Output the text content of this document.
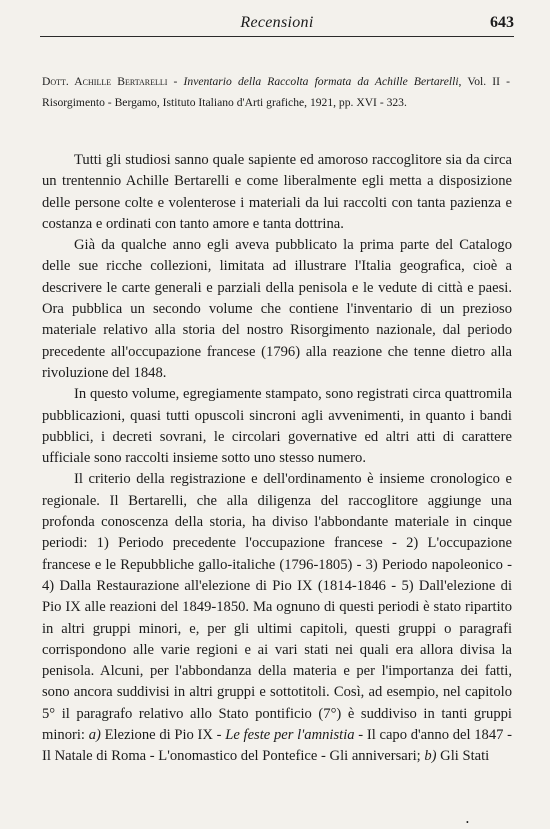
Recensioni	643
Dott. Achille Bertarelli - Inventario della Raccolta formata da Achille Bertarelli, Vol. II - Risorgimento - Bergamo, Istituto Italiano d'Arti grafiche, 1921, pp. XVI - 323.

Tutti gli studiosi sanno quale sapiente ed amoroso raccoglitore sia da circa un trentennio Achille Bertarelli e come liberalmente egli metta a disposizione delle persone colte e volenterose i materiali da lui raccolti con tanta pazienza e costanza e ordinati con tanto amore e tanta dottrina.

Già da qualche anno egli aveva pubblicato la prima parte del Catalogo delle sue ricche collezioni, limitata ad illustrare l'Italia geografica, cioè a descrivere le carte generali e parziali della penisola e le vedute di città e paesi. Ora pubblica un secondo volume che contiene l'inventario di un prezioso materiale relativo alla storia del nostro Risorgimento nazionale, dal periodo precedente all'occupazione francese (1796) alla reazione che tenne dietro alla rivoluzione del 1848.

In questo volume, egregiamente stampato, sono registrati circa quattromila pubblicazioni, quasi tutti opuscoli sincroni agli avvenimenti, in quanto i bandi pubblici, i decreti sovrani, le circolari governative ed altri atti di carattere ufficiale sono raccolti insieme sotto uno stesso numero.

Il criterio della registrazione e dell'ordinamento è insieme cronologico e regionale. Il Bertarelli, che alla diligenza del raccoglitore aggiunge una profonda conoscenza della storia, ha diviso l'abbondante materiale in cinque periodi: 1) Periodo precedente l'occupazione francese - 2) L'occupazione francese e le Repubbliche gallo-italiche (1796-1805) - 3) Periodo napoleonico - 4) Dalla Restaurazione all'elezione di Pio IX (1814-1846 - 5) Dall'elezione di Pio IX alle reazioni del 1849-1850. Ma ognuno di questi periodi è stato ripartito in altri gruppi minori, e, per gli ultimi capitoli, questi gruppi o paragrafi corrispondono alle varie regioni e ai vari stati nei quali era allora divisa la penisola. Alcuni, per l'abbondanza della materia e per l'importanza dei fatti, sono ancora suddivisi in altri gruppi e sottotitoli. Così, ad esempio, nel capitolo 5° il paragrafo relativo allo Stato pontificio (7°) è suddiviso in tanti gruppi minori: a) Elezione di Pio IX - Le feste per l'amnistia - Il capo d'anno del 1847 - Il Natale di Roma - L'onomastico del Pontefice - Gli anniversari; b) Gli Stati

•
